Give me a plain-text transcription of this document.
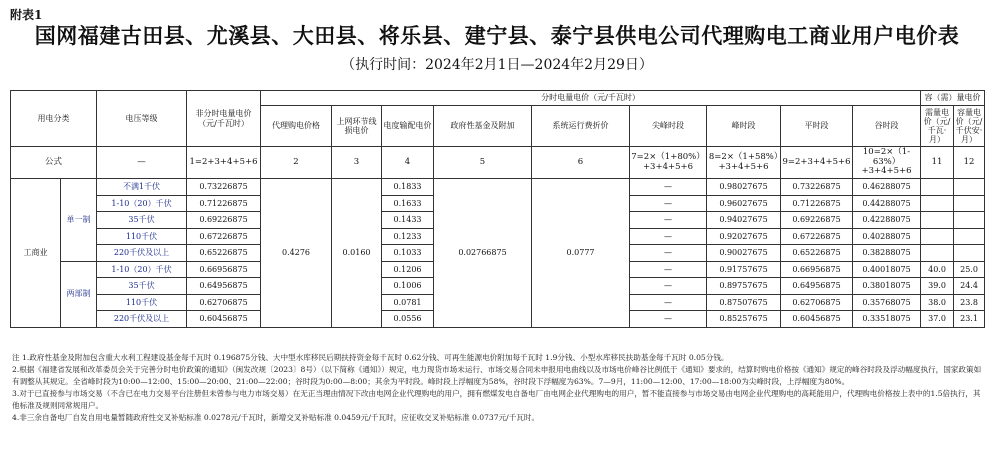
附表1
国网福建古田县、尤溪县、大田县、将乐县、建宁县、泰宁县供电公司代理购电工商业用户电价表
（执行时间：2024年2月1日—2024年2月29日）
用电分类		电压等级	非分时电量电价（元/千瓦时）	分时电量电价（元/千瓦时）									容（需）量电价	
				代理购电价格	上网环节线损电价	电度输配电价	政府性基金及附加	系统运行费折价	尖峰时段	峰时段	平时段	谷时段	需量电价（元/千瓦·月）	容量电价（元/千伏安·月）
公式		—	1=2+3+4+5+6	2	3	4	5	6	7=2×（1+80%）+3+4+5+6	8=2×（1+58%）+3+4+5+6	9=2+3+4+5+6	10=2×（1-63%）+3+4+5+6	11	12
工商业	单一制	不满1千伏	0.73226875	0.4276	0.0160	0.1833	0.02766875	0.0777	—	0.98027675	0.73226875	0.46288075		
		1-10（20）千伏	0.71226875			0.1633			—	0.96027675	0.71226875	0.44288075		
		35千伏	0.69226875			0.1433			—	0.94027675	0.69226875	0.42288075		
		110千伏	0.67226875			0.1233			—	0.92027675	0.67226875	0.40288075		
		220千伏及以上	0.65226875			0.1033			—	0.90027675	0.65226875	0.38288075		
	两部制	1-10（20）千伏	0.66956875			0.1206			—	0.91757675	0.66956875	0.40018075	40.0	25.0
		35千伏	0.64956875			0.1006			—	0.89757675	0.64956875	0.38018075	39.0	24.4
		110千伏	0.62706875			0.0781			—	0.87507675	0.62706875	0.35768075	38.0	23.8
		220千伏及以上	0.60456875			0.0556			—	0.85257675	0.60456875	0.33518075	37.0	23.1

注 1.政府性基金及附加包含重大水利工程建设基金每千瓦时 0.196875分钱、大中型水库移民后期扶持资金每千瓦时 0.62分钱、可再生能源电价附加每千瓦时 1.9分钱、小型水库移民扶助基金每千瓦时 0.05分钱。

2.根据《福建省发展和改革委员会关于完善分时电价政策的通知》（闽发改规〔2023〕8号）（以下简称《通知》）规定，电力现货市场未运行、市场交易合同未申报用电曲线以及市场电价峰谷比例低于《通知》要求的，结算时购电价格按《通知》规定的峰谷时段及浮动幅度执行，国家政策如有调整从其规定。全省峰时段为10:00—12:00、15:00—20:00、21:00—22:00；谷时段为0:00—8:00；其余为平时段。峰时段上浮幅度为58%，谷时段下浮幅度为63%。7—9月，11:00—12:00、17:00—18:00为尖峰时段，上浮幅度为80%。

3.对于已直接参与市场交易（不含已在电力交易平台注册但未曾参与电力市场交易）在无正当理由情况下改由电网企业代理购电的用户，拥有燃煤发电自备电厂由电网企业代理购电的用户，暂不能直接参与市场交易由电网企业代理购电的高耗能用户，代理购电价格按上表中的1.5倍执行，其他标准及规则同常规用户。

4.非三余自备电厂自发自用电量暂随政府性交叉补贴标准 0.0278元/千瓦时，新增交叉补贴标准 0.0459元/千瓦时，应征收交叉补贴标准 0.0737元/千瓦时。
